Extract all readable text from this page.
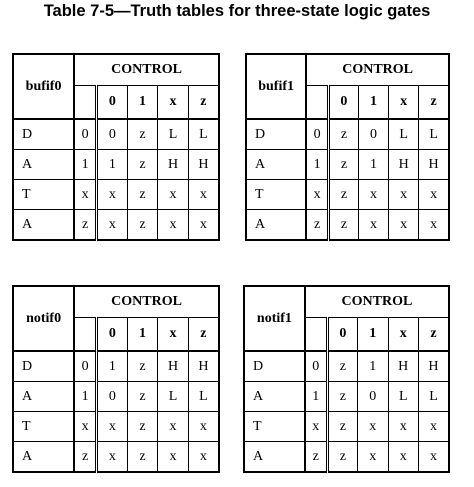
Table 7-5—Truth tables for three-state logic gates
bufif0	CONTROL				
		0	1	x	z
D	0	0	z	L	L
A	1	1	z	H	H
T	x	x	z	x	x
A	z	x	z	x	x
bufif1	CONTROL				
		0	1	x	z
D	0	z	0	L	L
A	1	z	1	H	H
T	x	z	x	x	x
A	z	z	x	x	x
notif0	CONTROL				
		0	1	x	z
D	0	1	z	H	H
A	1	0	z	L	L
T	x	x	z	x	x
A	z	x	z	x	x
notif1	CONTROL				
		0	1	x	z
D	0	z	1	H	H
A	1	z	0	L	L
T	x	z	x	x	x
A	z	z	x	x	x
